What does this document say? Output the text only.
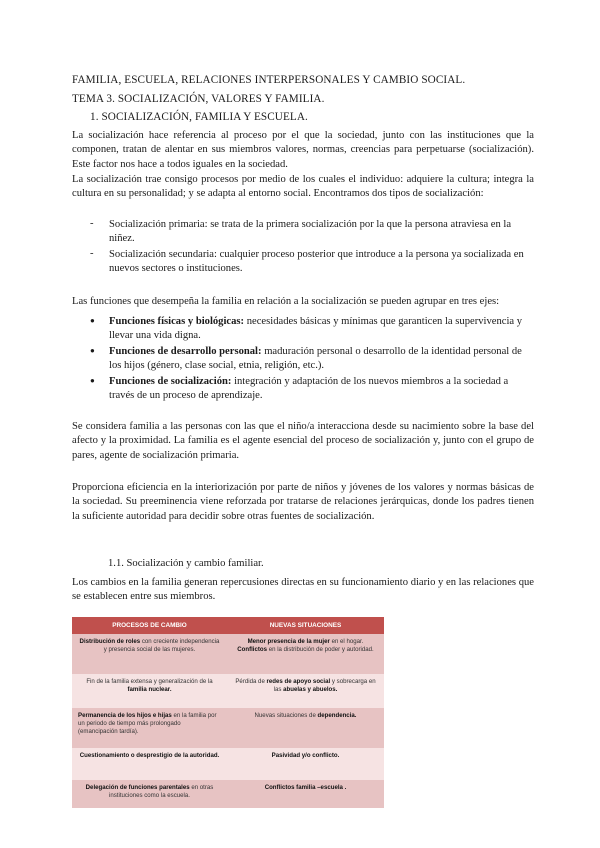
FAMILIA, ESCUELA, RELACIONES INTERPERSONALES Y CAMBIO SOCIAL.
TEMA 3. SOCIALIZACIÓN, VALORES Y FAMILIA.
1. SOCIALIZACIÓN, FAMILIA Y ESCUELA.
La socialización hace referencia al proceso por el que la sociedad, junto con las instituciones que la componen, tratan de alentar en sus miembros valores, normas, creencias para perpetuarse (socialización). Este factor nos hace a todos iguales en la sociedad.
La socialización trae consigo procesos por medio de los cuales el individuo: adquiere la cultura; integra la cultura en su personalidad; y se adapta al entorno social. Encontramos dos tipos de socialización:
- Socialización primaria: se trata de la primera socialización por la que la persona atraviesa en la niñez.
- Socialización secundaria: cualquier proceso posterior que introduce a la persona ya socializada en nuevos sectores o instituciones.
Las funciones que desempeña la familia en relación a la socialización se pueden agrupar en tres ejes:
● Funciones físicas y biológicas: necesidades básicas y mínimas que garanticen la supervivencia y llevar una vida digna.
● Funciones de desarrollo personal: maduración personal o desarrollo de la identidad personal de los hijos (género, clase social, etnia, religión, etc.).
● Funciones de socialización: integración y adaptación de los nuevos miembros a la sociedad a través de un proceso de aprendizaje.
Se considera familia a las personas con las que el niño/a interacciona desde su nacimiento sobre la base del afecto y la proximidad. La familia es el agente esencial del proceso de socialización y, junto con el grupo de pares, agente de socialización primaria.
Proporciona eficiencia en la interiorización por parte de niños y jóvenes de los valores y normas básicas de la sociedad. Su preeminencia viene reforzada por tratarse de relaciones jerárquicas, donde los padres tienen la suficiente autoridad para decidir sobre otras fuentes de socialización.
1.1. Socialización y cambio familiar.
Los cambios en la familia generan repercusiones directas en su funcionamiento diario y en las relaciones que se establecen entre sus miembros.
PROCESOS DE CAMBIO	NUEVAS SITUACIONES
Distribución de roles con creciente independencia y presencia social de las mujeres.	Menor presencia de la mujer en el hogar. Conflictos en la distribución de poder y autoridad.
Fin de la familia extensa y generalización de la familia nuclear.	Pérdida de redes de apoyo social y sobrecarga en las abuelas y abuelos.
Permanencia de los hijos e hijas en la familia por un periodo de tiempo más prolongado (emancipación tardía).	Nuevas situaciones de dependencia.
Cuestionamiento o desprestigio de la autoridad.	Pasividad y/o conflicto.
Delegación de funciones parentales en otras instituciones como la escuela.	Conflictos familia –escuela .
